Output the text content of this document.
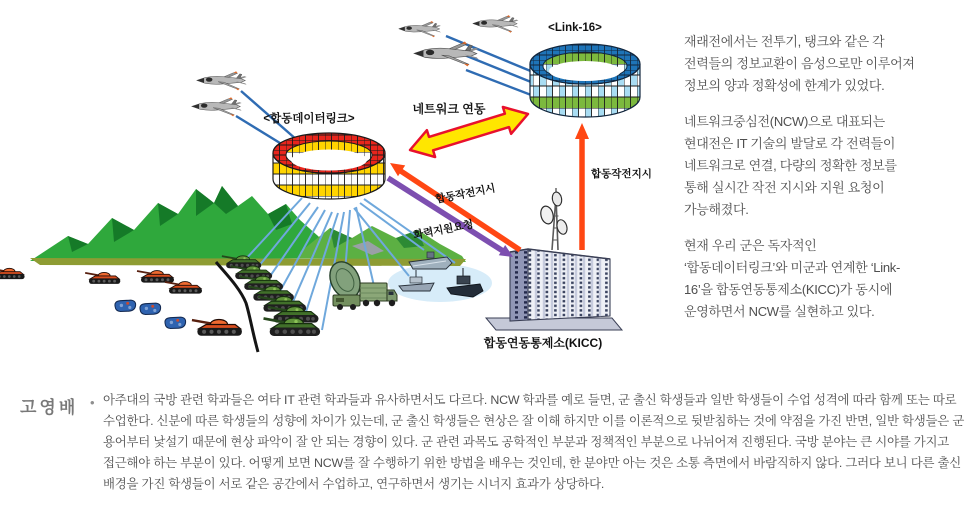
<합동데이터링크>
<Link-16>
네트워크 연동
합동작전지시
화력지원요청
합동작전지시
합동연동통제소(KICC)

재래전에서는 전투기, 탱크와 같은 각 전력들의 정보교환이 음성으로만 이루어져 정보의 양과 정확성에 한계가 있었다.

네트워크중심전(NCW)으로 대표되는 현대전은 IT 기술의 발달로 각 전력들이 네트워크로 연결, 다량의 정확한 정보를 통해 실시간 작전 지시와 지원 요청이 가능해졌다.

현재 우리 군은 독자적인 ‘합동데이터링크’와 미군과 연계한 ‘Link-16’을 합동연동통제소(KICC)가 동시에 운영하면서 NCW를 실현하고 있다.

고영배 • 아주대의 국방 관련 학과들은 여타 IT 관련 학과들과 유사하면서도 다르다. NCW 학과를 예로 들면, 군 출신 학생들과 일반 학생들이 수업 성격에 따라 함께 또는 따로 수업한다. 신분에 따른 학생들의 성향에 차이가 있는데, 군 출신 학생들은 현상은 잘 이해 하지만 이를 이론적으로 뒷받침하는 것에 약점을 가진 반면, 일반 학생들은 군 용어부터 낯설기 때문에 현상 파악이 잘 안 되는 경향이 있다. 군 관련 과목도 공학적인 부분과 정책적인 부분으로 나뉘어져 진행된다. 국방 분야는 큰 시야를 가지고 접근해야 하는 부분이 있다. 어떻게 보면 NCW를 잘 수행하기 위한 방법을 배우는 것인데, 한 분야만 아는 것은 소통 측면에서 바람직하지 않다. 그러다 보니 다른 출신 배경을 가진 학생들이 서로 같은 공간에서 수업하고, 연구하면서 생기는 시너지 효과가 상당하다.
